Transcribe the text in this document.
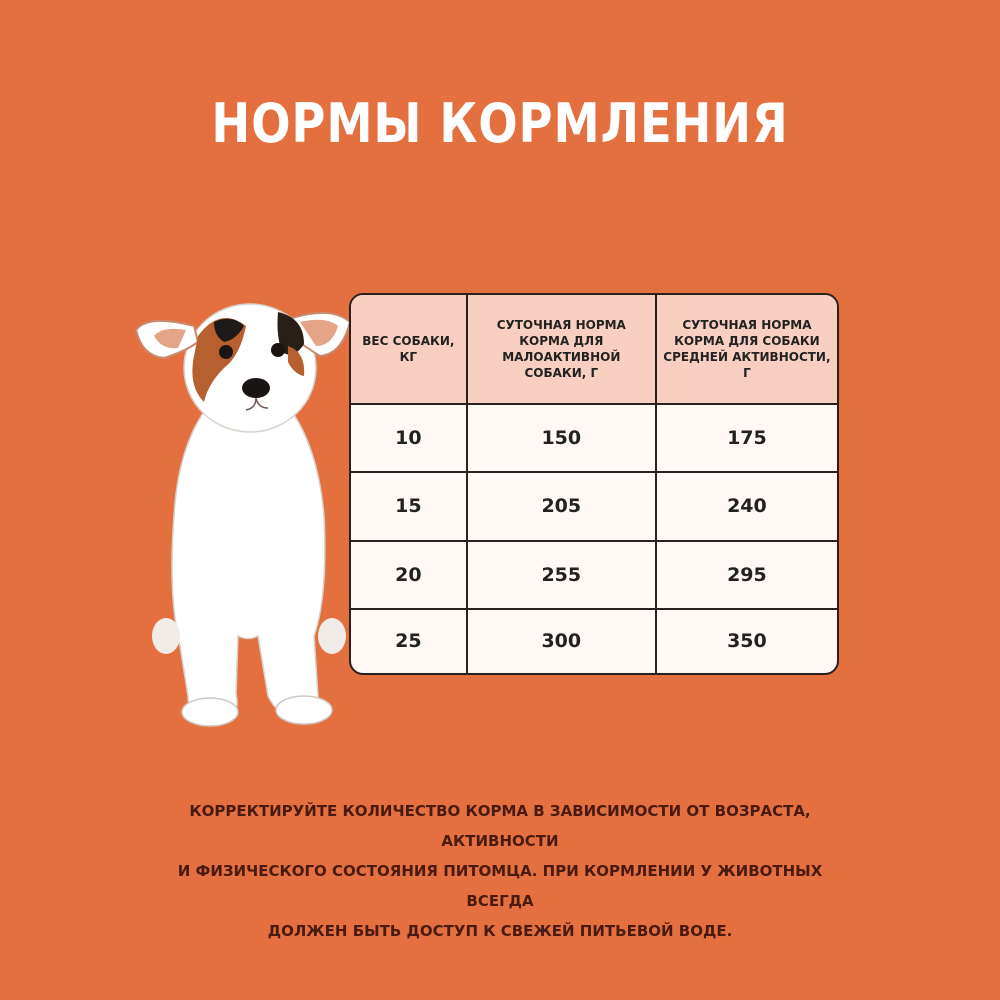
НОРМЫ КОРМЛЕНИЯ
ВЕС СОБАКИ, КГ	СУТОЧНАЯ НОРМА КОРМА ДЛЯ МАЛОАКТИВНОЙ СОБАКИ, Г	СУТОЧНАЯ НОРМА КОРМА ДЛЯ СОБАКИ СРЕДНЕЙ АКТИВНОСТИ, Г
10	150	175
15	205	240
20	255	295
25	300	350
КОРРЕКТИРУЙТЕ КОЛИЧЕСТВО КОРМА В ЗАВИСИМОСТИ ОТ ВОЗРАСТА, АКТИВНОСТИ
И ФИЗИЧЕСКОГО СОСТОЯНИЯ ПИТОМЦА. ПРИ КОРМЛЕНИИ У ЖИВОТНЫХ ВСЕГДА
ДОЛЖЕН БЫТЬ ДОСТУП К СВЕЖЕЙ ПИТЬЕВОЙ ВОДЕ.
